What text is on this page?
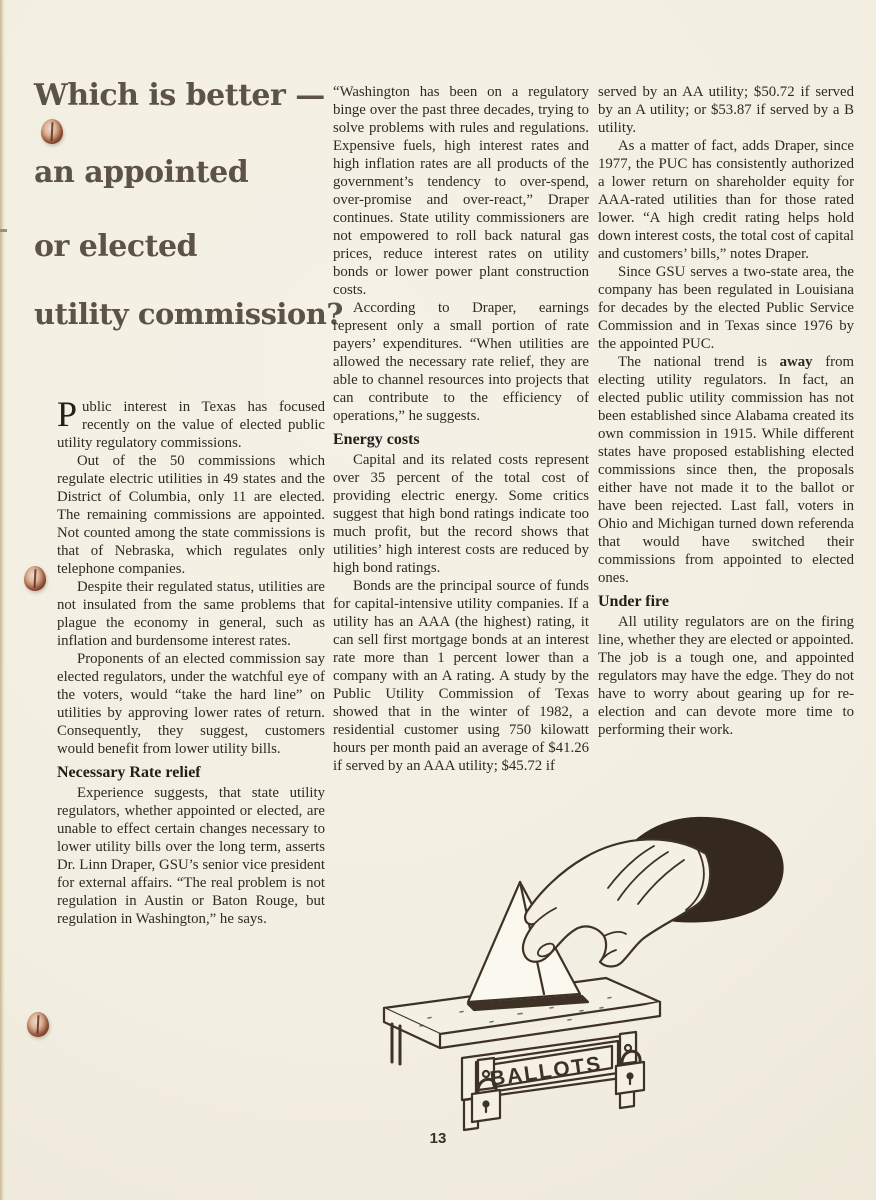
Which is better —
an appointed
or elected
utility commission?

Public interest in Texas has focused recently on the value of elected public utility regulatory commissions.

Out of the 50 commissions which regulate electric utilities in 49 states and the District of Columbia, only 11 are elected. The remaining commissions are appointed. Not counted among the state commissions is that of Nebraska, which regulates only telephone companies.

Despite their regulated status, utilities are not insulated from the same problems that plague the economy in general, such as inflation and burdensome interest rates.

Proponents of an elected commission say elected regulators, under the watchful eye of the voters, would “take the hard line” on utilities by approving lower rates of return. Consequently, they suggest, customers would benefit from lower utility bills.

Necessary Rate relief

Experience suggests, that state utility regulators, whether appointed or elected, are unable to effect certain changes necessary to lower utility bills over the long term, asserts Dr. Linn Draper, GSU’s senior vice president for external affairs. “The real problem is not regulation in Austin or Baton Rouge, but regulation in Washington,” he says.

“Washington has been on a regulatory binge over the past three decades, trying to solve problems with rules and regulations. Expensive fuels, high interest rates and high inflation rates are all products of the government’s tendency to over-spend, over-promise and over-react,” Draper continues. State utility commissioners are not empowered to roll back natural gas prices, reduce interest rates on utility bonds or lower power plant construction costs.

According to Draper, earnings represent only a small portion of rate payers’ expenditures. “When utilities are allowed the necessary rate relief, they are able to channel resources into projects that can contribute to the efficiency of operations,” he suggests.

Energy costs

Capital and its related costs represent over 35 percent of the total cost of providing electric energy. Some critics suggest that high bond ratings indicate too much profit, but the record shows that utilities’ high interest costs are reduced by high bond ratings.

Bonds are the principal source of funds for capital-intensive utility companies. If a utility has an AAA (the highest) rating, it can sell first mortgage bonds at an interest rate more than 1 percent lower than a company with an A rating. A study by the Public Utility Commission of Texas showed that in the winter of 1982, a residential customer using 750 kilowatt hours per month paid an average of $41.26 if served by an AAA utility; $45.72 if

served by an AA utility; $50.72 if served by an A utility; or $53.87 if served by a B utility.

As a matter of fact, adds Draper, since 1977, the PUC has consistently authorized a lower return on shareholder equity for AAA-rated utilities than for those rated lower. “A high credit rating helps hold down interest costs, the total cost of capital and customers’ bills,” notes Draper.

Since GSU serves a two-state area, the company has been regulated in Louisiana for decades by the elected Public Service Commission and in Texas since 1976 by the appointed PUC.

The national trend is away from electing utility regulators. In fact, an elected public utility commission has not been established since Alabama created its own commission in 1915. While different states have proposed establishing elected commissions since then, the proposals either have not made it to the ballot or have been rejected. Last fall, voters in Ohio and Michigan turned down referenda that would have switched their commissions from appointed to elected ones.

Under fire

All utility regulators are on the firing line, whether they are elected or appointed. The job is a tough one, and appointed regulators may have the edge. They do not have to worry about gearing up for re-election and can devote more time to performing their work.

BALLOTS
13
